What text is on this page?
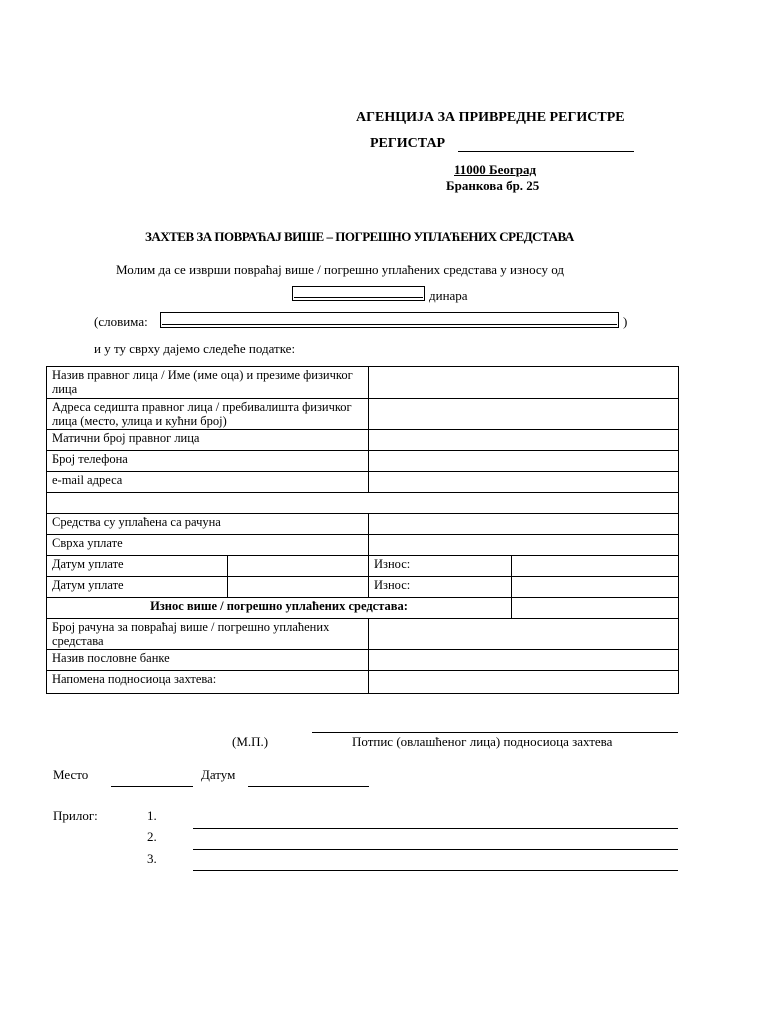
АГЕНЦИЈА ЗА ПРИВРЕДНЕ РЕГИСТРЕ
РЕГИСТАР
11000 Београд
Бранкова бр. 25
ЗАХТЕВ ЗА ПОВРАЋАЈ ВИШЕ – ПОГРЕШНО УПЛАЋЕНИХ СРЕДСТАВА
Молим да се изврши повраћај више / погрешно уплаћених средстава у износу од
динара
(словима:	)
и у ту сврху дајемо следеће податке:
Назив правног лица / Име (име оца) и презиме физичког лица			
Адреса седишта правног лица / пребивалишта физичког лица (место, улица и кућни број)			
Матични број правног лица			
Број телефона			
e-mail адреса			

Средства су уплаћена са рачуна			
Сврха уплате			
Датум уплате		Износ:	
Датум уплате		Износ:	
Износ више / погрешно уплаћених средстава:			
Број рачуна за повраћај више / погрешно уплаћених средстава			
Назив пословне банке			
Напомена подносиоца захтева:			
(М.П.)	Потпис (овлашћеног лица) подносиоца захтева
Место	Датум
Прилог:	1.
2.
3.
